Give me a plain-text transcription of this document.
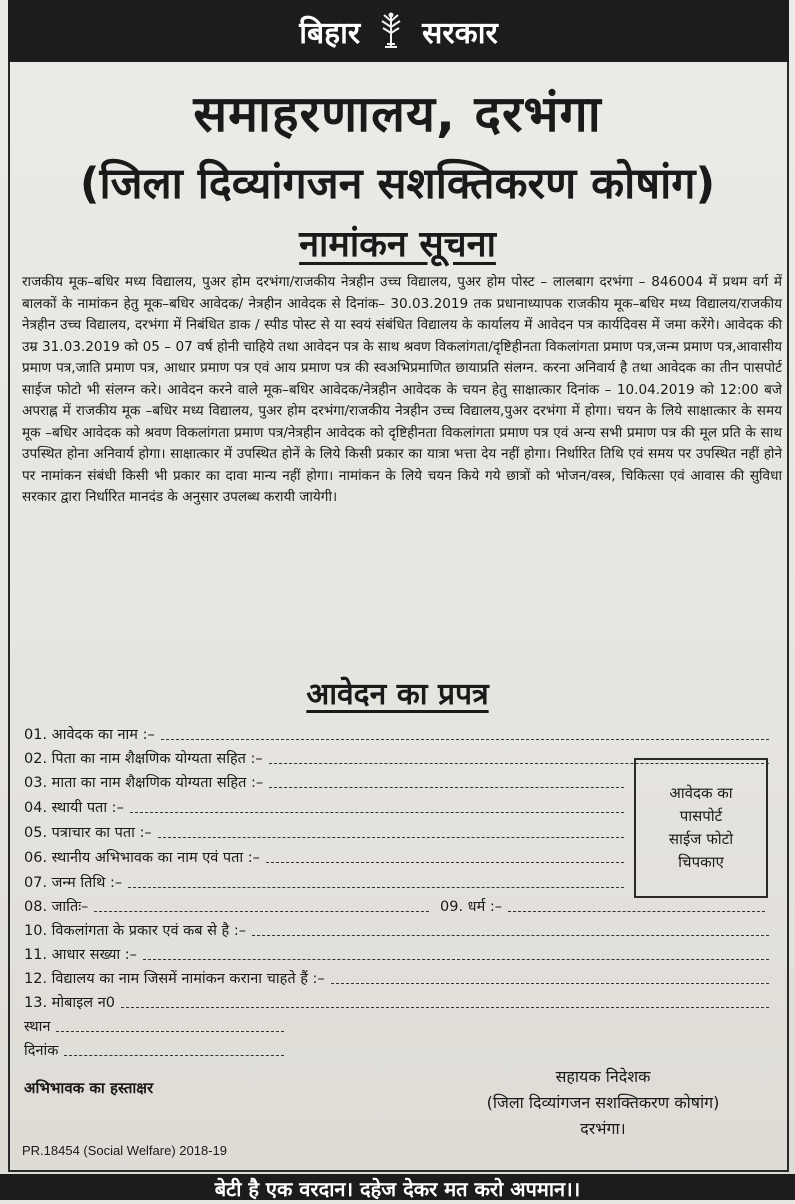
बिहार सरकार
समाहरणालय, दरभंगा
(जिला दिव्यांगजन सशक्तिकरण कोषांग)
नामांकन सूचना
राजकीय मूक–बधिर मध्य विद्यालय, पुअर होम दरभंगा/राजकीय नेत्रहीन उच्च विद्यालय, पुअर होम पोस्ट – लालबाग दरभंगा – 846004 में प्रथम वर्ग में बालकों के नामांकन हेतु मूक–बधिर आवेदक/ नेत्रहीन आवेदक से दिनांक– 30.03.2019 तक प्रधानाध्यापक राजकीय मूक–बधिर मध्य विद्यालय/राजकीय नेत्रहीन उच्च विद्यालय, दरभंगा में निबंधित डाक / स्पीड पोस्ट से या स्वयं संबंधित विद्यालय के कार्यालय में आवेदन पत्र कार्यदिवस में जमा करेंगे। आवेदक की उम्र 31.03.2019 को 05 – 07 वर्ष होनी चाहिये तथा आवेदन पत्र के साथ श्रवण विकलांगता/दृष्टिहीनता विकलांगता प्रमाण पत्र,जन्म प्रमाण पत्र,आवासीय प्रमाण पत्र,जाति प्रमाण पत्र, आधार प्रमाण पत्र एवं आय प्रमाण पत्र की स्वअभिप्रमाणित छायाप्रति संलग्न. करना अनिवार्य है तथा आवेदक का तीन पासपोर्ट साईज फोटो भी संलग्न करे। आवेदन करने वाले मूक–बधिर आवेदक/नेत्रहीन आवेदक के चयन हेतु साक्षात्कार दिनांक – 10.04.2019 को 12:00 बजे अपराह्न में राजकीय मूक –बधिर मध्य विद्यालय, पुअर होम दरभंगा/राजकीय नेत्रहीन उच्च विद्यालय,पुअर दरभंगा में होगा। चयन के लिये साक्षात्कार के समय मूक –बधिर आवेदक को श्रवण विकलांगता प्रमाण पत्र/नेत्रहीन आवेदक को दृष्टिहीनता विकलांगता प्रमाण पत्र एवं अन्य सभी प्रमाण पत्र की मूल प्रति के साथ उपस्थित होना अनिवार्य होगा। साक्षात्कार में उपस्थित होनें के लिये किसी प्रकार का यात्रा भत्ता देय नहीं होगा। निर्धारित तिथि एवं समय पर उपस्थित नहीं होने पर नामांकन संबंधी किसी भी प्रकार का दावा मान्य नहीं होगा। नामांकन के लिये चयन किये गये छात्रों को भोजन/वस्त्र, चिकित्सा एवं आवास की सुविधा सरकार द्वारा निर्धारित मानदंड के अनुसार उपलब्ध करायी जायेगी।
आवेदन का प्रपत्र
01. आवेदक का नाम :–
02. पिता का नाम शैक्षणिक योग्यता सहित :–
03. माता का नाम शैक्षणिक योग्यता सहित :–
04. स्थायी पता :–
05. पत्राचार का पता :–
06. स्थानीय अभिभावक का नाम एवं पता :–
07. जन्म तिथि :–
08. जातिः–	09. धर्म :–
10. विकलांगता के प्रकार एवं कब से है :–
11. आधार सख्या :–
12. विद्यालय का नाम जिसमें नामांकन कराना चाहते हैं :–
13. मोबाइल न0
स्थान
दिनांक
आवेदक का
पासपोर्ट
साईज फोटो
चिपकाए
अभिभावक का हस्ताक्षर
सहायक निदेशक
(जिला दिव्यांगजन सशक्तिकरण कोषांग)
दरभंगा।
PR.18454 (Social Welfare) 2018-19
बेटी है एक वरदान। दहेज देकर मत करो अपमान।।
